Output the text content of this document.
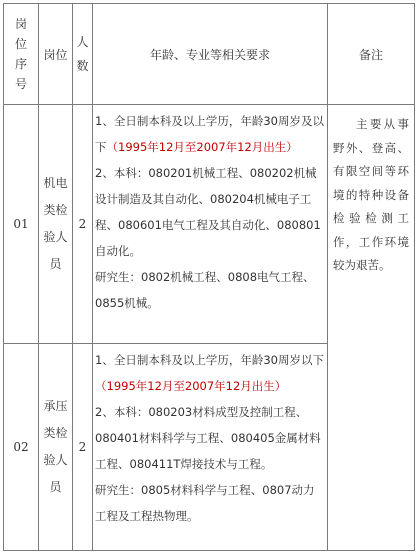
岗
位
序
号
岗位
人
数
年龄、专业等相关要求	备注
01
机电
类检
验人
员
2

1、全日制本科及以上学历，年龄30周岁及以下（1995年12月至2007年12月出生）

2、本科：080201机械工程、080202机械设计制造及其自动化、080204机械电子工程、080601电气工程及其自动化、080801自动化。

研究生：0802机械工程、0808电气工程、0855机械。

02
承压
类检
验人
员
2

1、全日制本科及以上学历，年龄30周岁以下（1995年12月至2007年12月出生）

2、本科：080203材料成型及控制工程、080401材料科学与工程、080405金属材料工程、080411T焊接技术与工程。

研究生：0805材料科学与工程、0807动力工程及工程热物理。

主要从事野外、登高、有限空间等环境的特种设备检验检测工作，工作环境较为艰苦。
